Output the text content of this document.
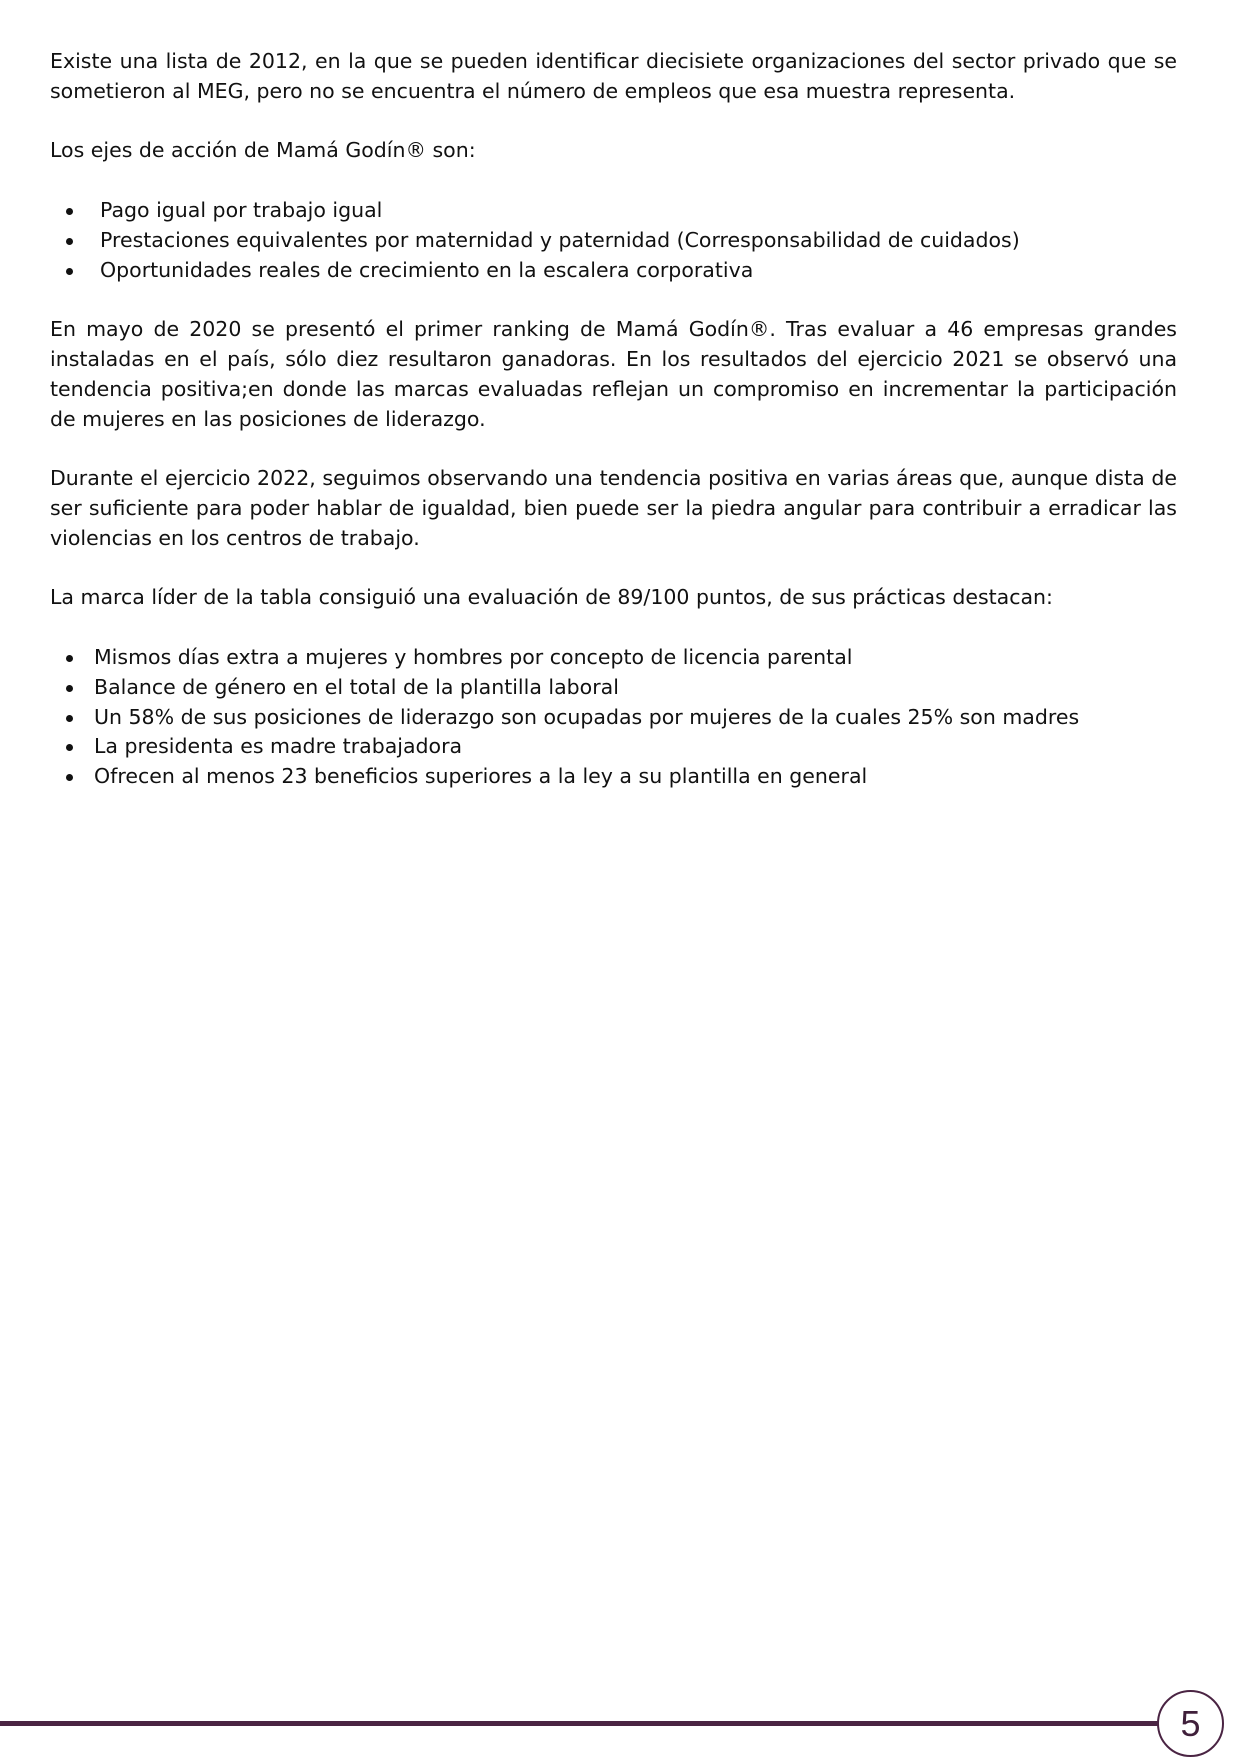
Existe una lista de 2012, en la que se pueden identificar diecisiete organizaciones del sector privado que se sometieron al MEG, pero no se encuentra el número de empleos que esa muestra representa.

Los ejes de acción de Mamá Godín® son:

Pago igual por trabajo igual
Prestaciones equivalentes por maternidad y paternidad (Corresponsabilidad de cuidados)
Oportunidades reales de crecimiento en la escalera corporativa

En mayo de 2020 se presentó el primer ranking de Mamá Godín®. Tras evaluar a 46 empresas grandes instaladas en el país, sólo diez resultaron ganadoras. En los resultados del ejercicio 2021 se observó una tendencia positiva;en donde las marcas evaluadas reflejan un compromiso en incrementar la participación de mujeres en las posiciones de liderazgo.

Durante el ejercicio 2022, seguimos observando una tendencia positiva en varias áreas que, aunque dista de ser suficiente para poder hablar de igualdad, bien puede ser la piedra angular para contribuir a erradicar las violencias en los centros de trabajo.

La marca líder de la tabla consiguió una evaluación de 89/100 puntos, de sus prácticas destacan:

Mismos días extra a mujeres y hombres por concepto de licencia parental
Balance de género en el total de la plantilla laboral
Un 58% de sus posiciones de liderazgo son ocupadas por mujeres de la cuales 25% son madres
La presidenta es madre trabajadora
Ofrecen al menos 23 beneficios superiores a la ley a su plantilla en general
5
